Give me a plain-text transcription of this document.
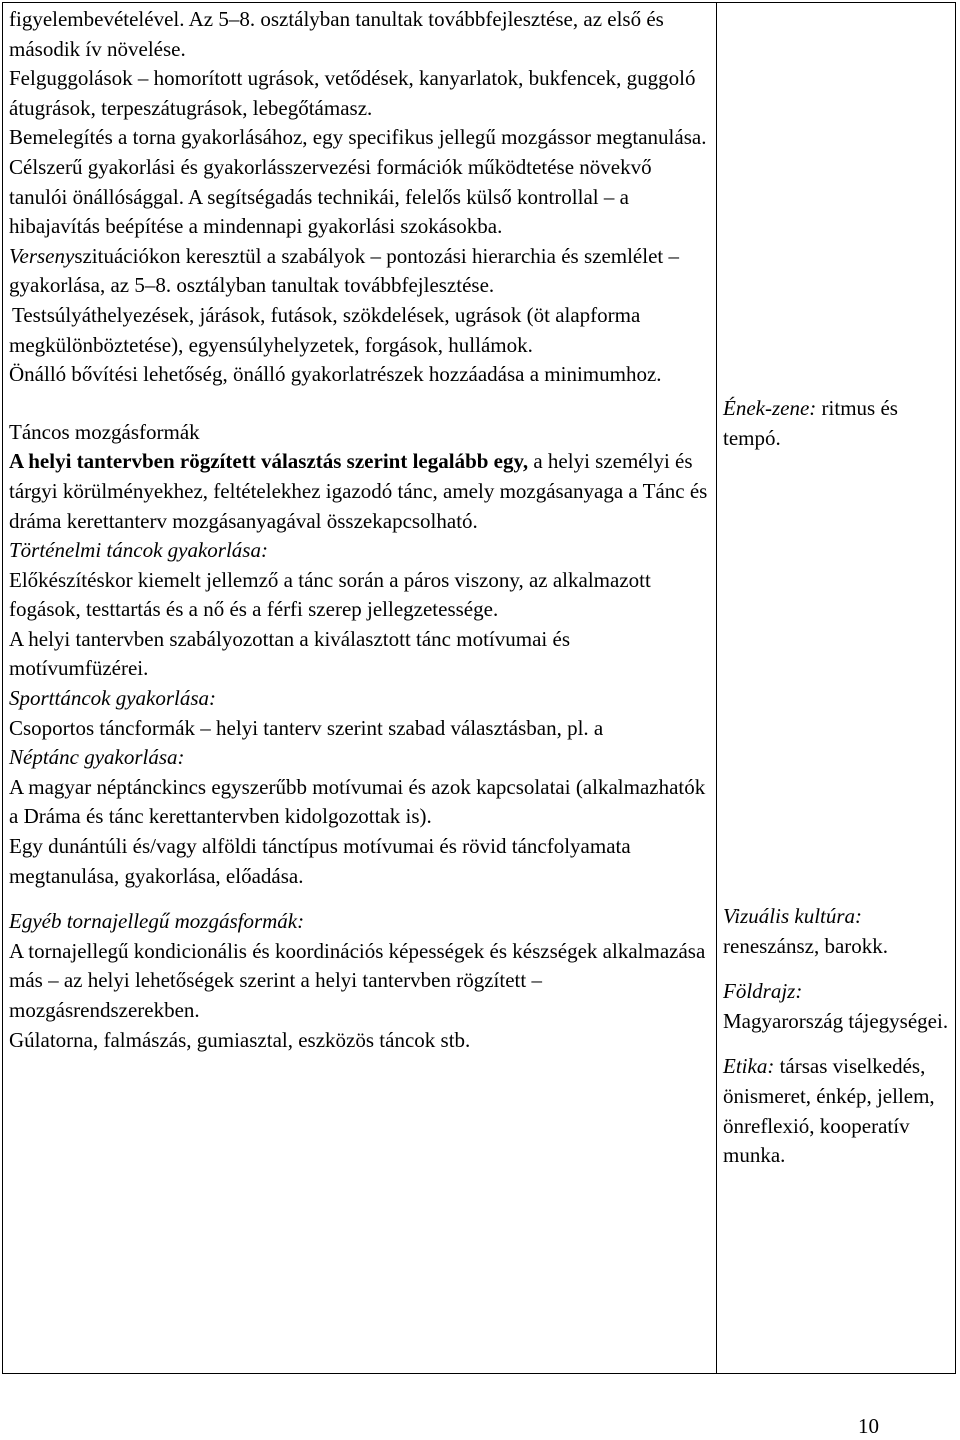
figyelembevételével. Az 5–8. osztályban tanultak továbbfejlesztése, az első és második ív növelése.

Felguggolások – homorított ugrások, vetődések, kanyarlatok, bukfencek, guggoló átugrások, terpeszátugrások, lebegőtámasz.

Bemelegítés a torna gyakorlásához, egy specifikus jellegű mozgássor megtanulása.

Célszerű gyakorlási és gyakorlásszervezési formációk működtetése növekvő tanulói önállósággal. A segítségadás technikái, felelős külső kontrollal – a hibajavítás beépítése a mindennapi gyakorlási szokásokba.

Versenyszituációkon keresztül a szabályok – pontozási hierarchia és szemlélet – gyakorlása, az 5–8. osztályban tanultak továbbfejlesztése.

Testsúlyáthelyezések, járások, futások, szökdelések, ugrások (öt alapforma megkülönböztetése), egyensúlyhelyzetek, forgások, hullámok.

Önálló bővítési lehetőség, önálló gyakorlatrészek hozzáadása a minimumhoz.

Táncos mozgásformák

A helyi tantervben rögzített választás szerint legalább egy, a helyi személyi és tárgyi körülményekhez, feltételekhez igazodó tánc, amely mozgásanyaga a Tánc és dráma kerettanterv mozgásanyagával összekapcsolható.

Történelmi táncok gyakorlása:

Előkészítéskor kiemelt jellemző a tánc során a páros viszony, az alkalmazott fogások, testtartás és a nő és a férfi szerep jellegzetessége.

A helyi tantervben szabályozottan a kiválasztott tánc motívumai és motívumfüzérei.

Sporttáncok gyakorlása:

Csoportos táncformák – helyi tanterv szerint szabad választásban, pl. a

Néptánc gyakorlása:

A magyar néptánckincs egyszerűbb motívumai és azok kapcsolatai (alkalmazhatók a Dráma és tánc kerettantervben kidolgozottak is).

Egy dunántúli és/vagy alföldi tánctípus motívumai és rövid táncfolyamata megtanulása, gyakorlása, előadása.

Egyéb tornajellegű mozgásformák:

A tornajellegű kondicionális és koordinációs képességek és készségek alkalmazása más – az helyi lehetőségek szerint a helyi tantervben rögzített – mozgásrendszerekben.

Gúlatorna, falmászás, gumiasztal, eszközös táncok stb.

Ének-zene: ritmus és tempó.

Vizuális kultúra:

reneszánsz, barokk.

Földrajz:

Magyarország tájegységei.

Etika: társas viselkedés, önismeret, énkép, jellem, önreflexió, kooperatív munka.

10
